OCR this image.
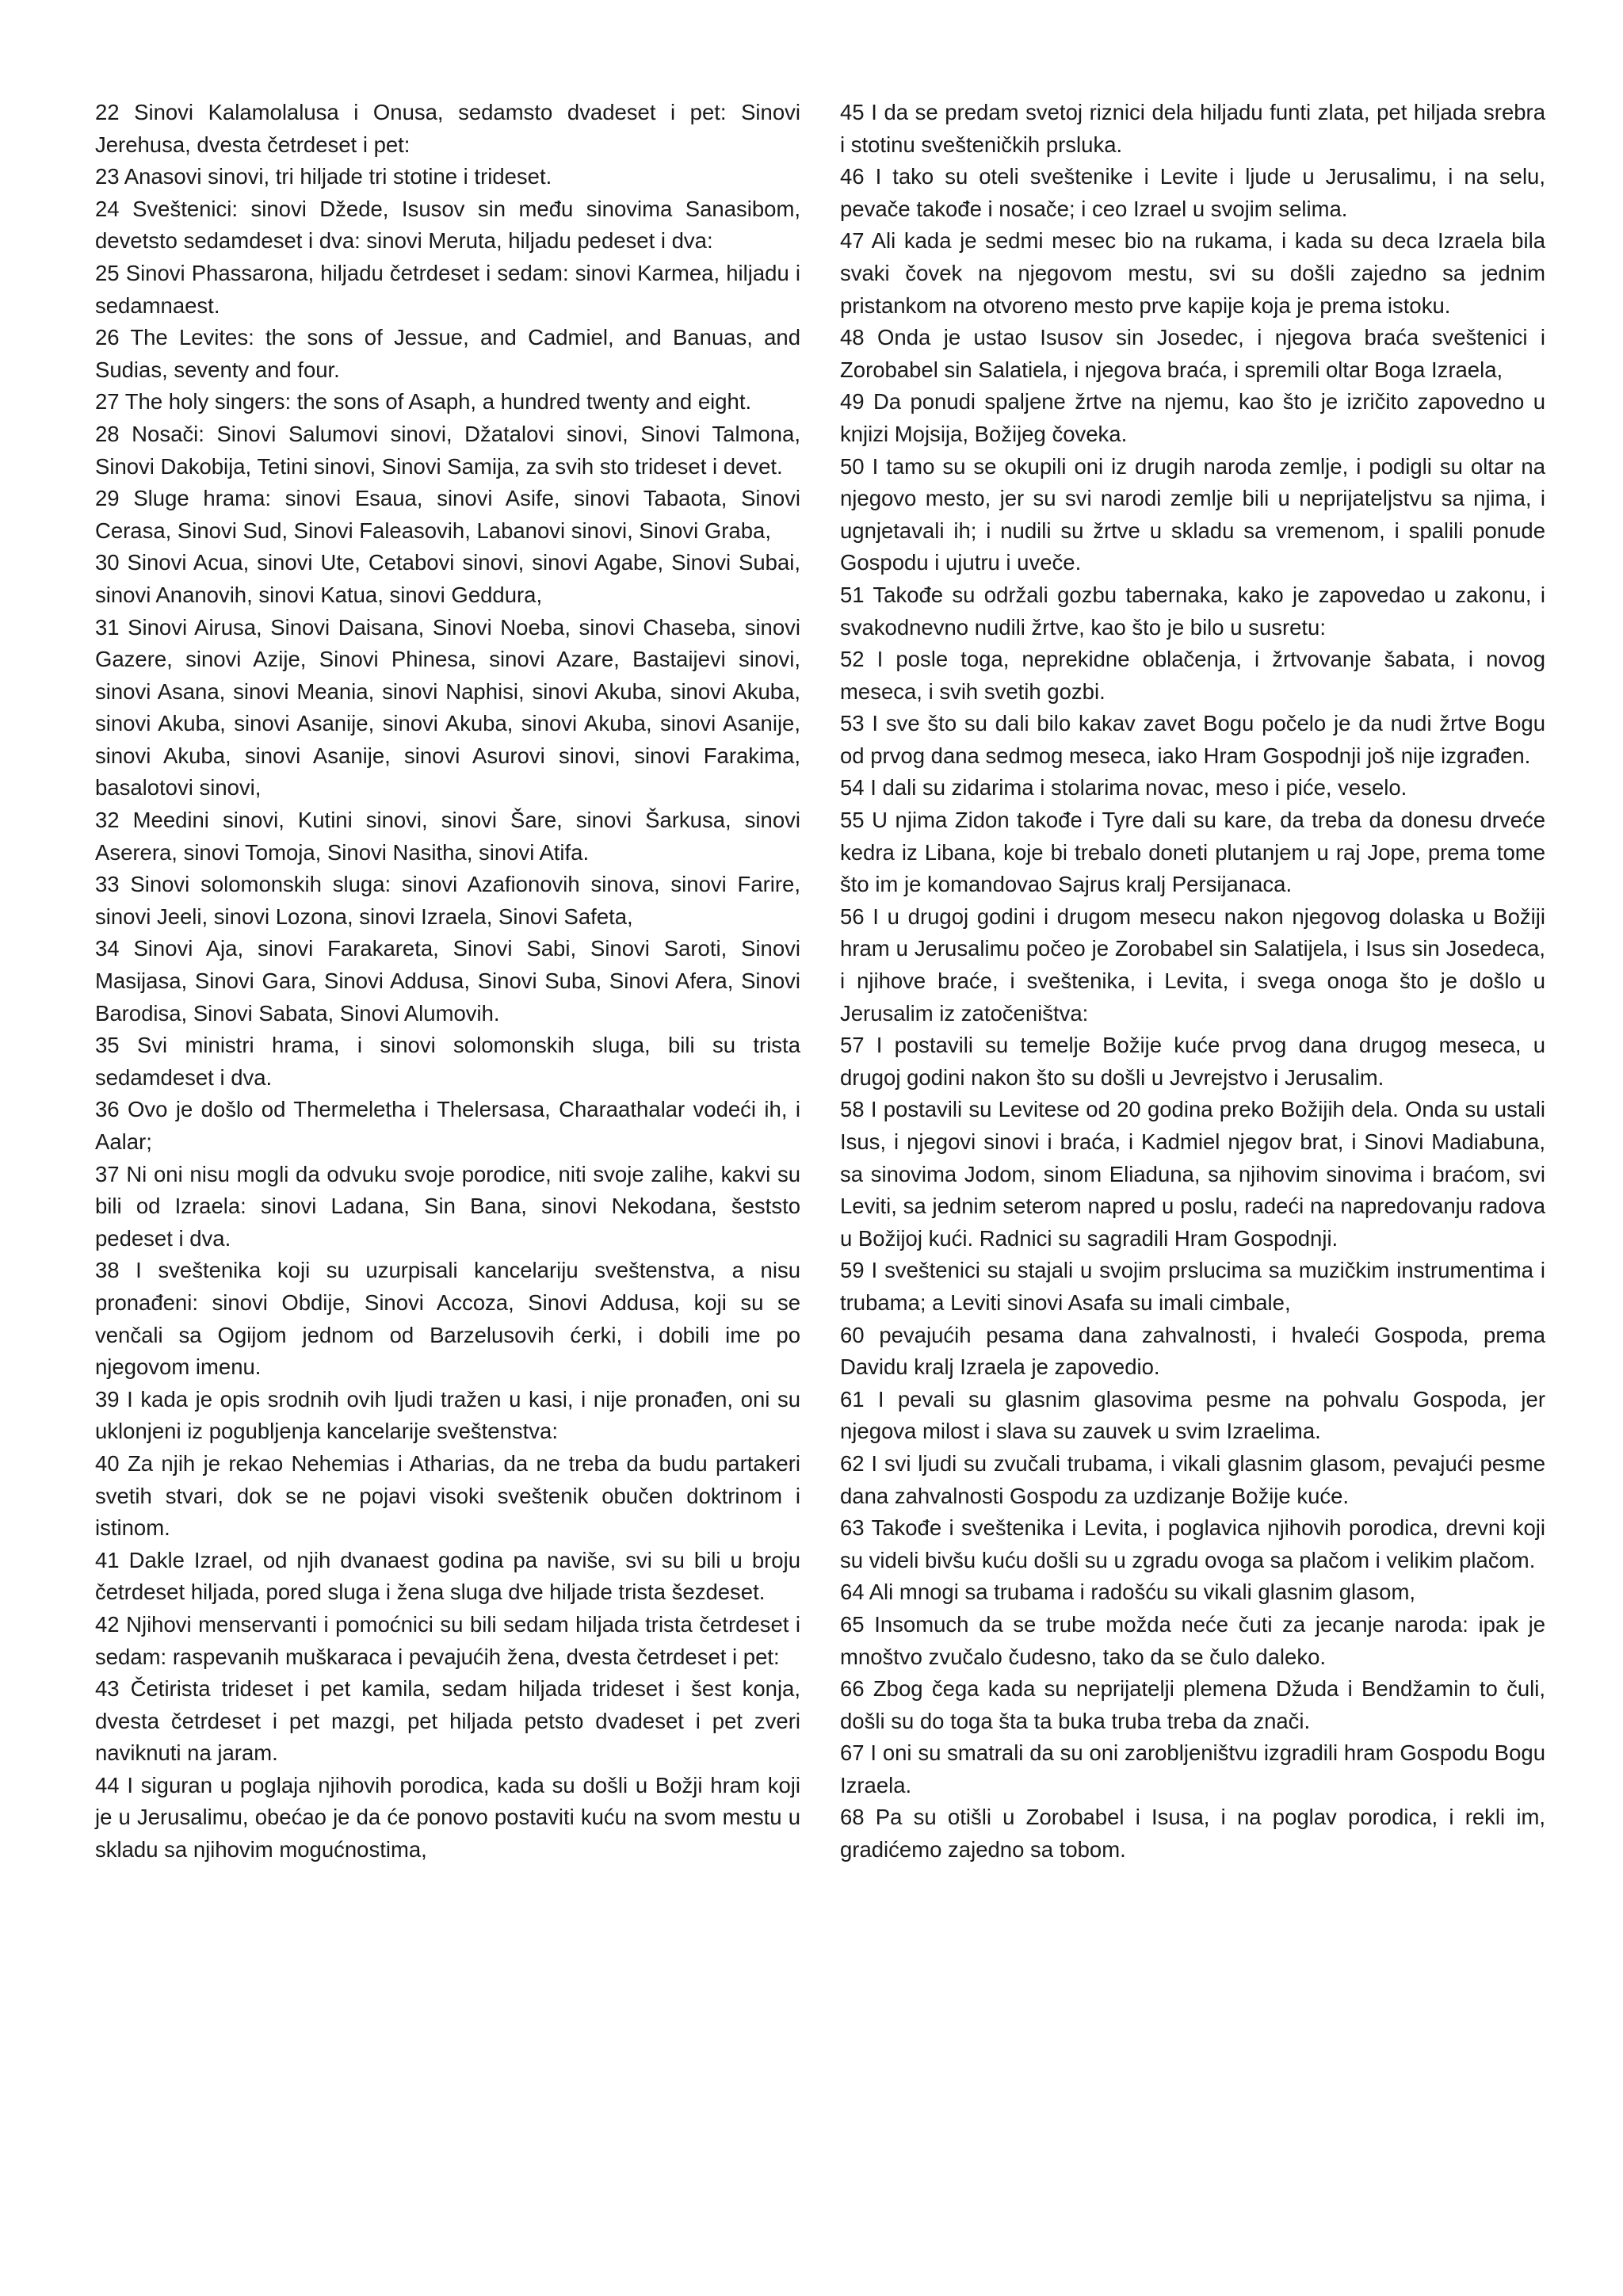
22 Sinovi Kalamolalusa i Onusa, sedamsto dvadeset i pet: Sinovi Jerehusa, dvesta četrdeset i pet:

23 Anasovi sinovi, tri hiljade tri stotine i trideset.

24 Sveštenici: sinovi Džede, Isusov sin među sinovima Sanasibom, devetsto sedamdeset i dva: sinovi Meruta, hiljadu pedeset i dva:

25 Sinovi Phassarona, hiljadu četrdeset i sedam: sinovi Karmea, hiljadu i sedamnaest.

26 The Levites: the sons of Jessue, and Cadmiel, and Banuas, and Sudias, seventy and four.

27 The holy singers: the sons of Asaph, a hundred twenty and eight.

28 Nosači: Sinovi Salumovi sinovi, Džatalovi sinovi, Sinovi Talmona, Sinovi Dakobija, Tetini sinovi, Sinovi Samija, za svih sto trideset i devet.

29 Sluge hrama: sinovi Esaua, sinovi Asife, sinovi Tabaota, Sinovi Cerasa, Sinovi Sud, Sinovi Faleasovih, Labanovi sinovi, Sinovi Graba,

30 Sinovi Acua, sinovi Ute, Cetabovi sinovi, sinovi Agabe, Sinovi Subai, sinovi Ananovih, sinovi Katua, sinovi Geddura,

31 Sinovi Airusa, Sinovi Daisana, Sinovi Noeba, sinovi Chaseba, sinovi Gazere, sinovi Azije, Sinovi Phinesa, sinovi Azare, Bastaijevi sinovi, sinovi Asana, sinovi Meania, sinovi Naphisi, sinovi Akuba, sinovi Akuba, sinovi Akuba, sinovi Asanije, sinovi Akuba, sinovi Akuba, sinovi Asanije, sinovi Akuba, sinovi Asanije, sinovi Asurovi sinovi, sinovi Farakima, basalotovi sinovi,

32 Meedini sinovi, Kutini sinovi, sinovi Šare, sinovi Šarkusa, sinovi Aserera, sinovi Tomoja, Sinovi Nasitha, sinovi Atifa.

33 Sinovi solomonskih sluga: sinovi Azafionovih sinova, sinovi Farire, sinovi Jeeli, sinovi Lozona, sinovi Izraela, Sinovi Safeta,

34 Sinovi Aja, sinovi Farakareta, Sinovi Sabi, Sinovi Saroti, Sinovi Masijasa, Sinovi Gara, Sinovi Addusa, Sinovi Suba, Sinovi Afera, Sinovi Barodisa, Sinovi Sabata, Sinovi Alumovih.

35 Svi ministri hrama, i sinovi solomonskih sluga, bili su trista sedamdeset i dva.

36 Ovo je došlo od Thermeletha i Thelersasa, Charaathalar vodeći ih, i Aalar;

37 Ni oni nisu mogli da odvuku svoje porodice, niti svoje zalihe, kakvi su bili od Izraela: sinovi Ladana, Sin Bana, sinovi Nekodana, šeststo pedeset i dva.

38 I sveštenika koji su uzurpisali kancelariju sveštenstva, a nisu pronađeni: sinovi Obdije, Sinovi Accoza, Sinovi Addusa, koji su se venčali sa Ogijom jednom od Barzelusovih ćerki, i dobili ime po njegovom imenu.

39 I kada je opis srodnih ovih ljudi tražen u kasi, i nije pronađen, oni su uklonjeni iz pogubljenja kancelarije sveštenstva:

40 Za njih je rekao Nehemias i Atharias, da ne treba da budu partakeri svetih stvari, dok se ne pojavi visoki sveštenik obučen doktrinom i istinom.

41 Dakle Izrael, od njih dvanaest godina pa naviše, svi su bili u broju četrdeset hiljada, pored sluga i žena sluga dve hiljade trista šezdeset.

42 Njihovi menservanti i pomoćnici su bili sedam hiljada trista četrdeset i sedam: raspevanih muškaraca i pevajućih žena, dvesta četrdeset i pet:

43 Četirista trideset i pet kamila, sedam hiljada trideset i šest konja, dvesta četrdeset i pet mazgi, pet hiljada petsto dvadeset i pet zveri naviknuti na jaram.

44 I siguran u poglaja njihovih porodica, kada su došli u Božji hram koji je u Jerusalimu, obećao je da će ponovo postaviti kuću na svom mestu u skladu sa njihovim mogućnostima,

45 I da se predam svetoj riznici dela hiljadu funti zlata, pet hiljada srebra i stotinu svešteničkih prsluka.

46 I tako su oteli sveštenike i Levite i ljude u Jerusalimu, i na selu, pevače takođe i nosače; i ceo Izrael u svojim selima.

47 Ali kada je sedmi mesec bio na rukama, i kada su deca Izraela bila svaki čovek na njegovom mestu, svi su došli zajedno sa jednim pristankom na otvoreno mesto prve kapije koja je prema istoku.

48 Onda je ustao Isusov sin Josedec, i njegova braća sveštenici i Zorobabel sin Salatiela, i njegova braća, i spremili oltar Boga Izraela,

49 Da ponudi spaljene žrtve na njemu, kao što je izričito zapovedno u knjizi Mojsija, Božijeg čoveka.

50 I tamo su se okupili oni iz drugih naroda zemlje, i podigli su oltar na njegovo mesto, jer su svi narodi zemlje bili u neprijateljstvu sa njima, i ugnjetavali ih; i nudili su žrtve u skladu sa vremenom, i spalili ponude Gospodu i ujutru i uveče.

51 Takođe su održali gozbu tabernaka, kako je zapovedao u zakonu, i svakodnevno nudili žrtve, kao što je bilo u susretu:

52 I posle toga, neprekidne oblačenja, i žrtvovanje šabata, i novog meseca, i svih svetih gozbi.

53 I sve što su dali bilo kakav zavet Bogu počelo je da nudi žrtve Bogu od prvog dana sedmog meseca, iako Hram Gospodnji još nije izgrađen.

54 I dali su zidarima i stolarima novac, meso i piće, veselo.

55 U njima Zidon takođe i Tyre dali su kare, da treba da donesu drveće kedra iz Libana, koje bi trebalo doneti plutanjem u raj Jope, prema tome što im je komandovao Sajrus kralj Persijanaca.

56 I u drugoj godini i drugom mesecu nakon njegovog dolaska u Božiji hram u Jerusalimu počeo je Zorobabel sin Salatijela, i Isus sin Josedeca, i njihove braće, i sveštenika, i Levita, i svega onoga što je došlo u Jerusalim iz zatočeništva:

57 I postavili su temelje Božije kuće prvog dana drugog meseca, u drugoj godini nakon što su došli u Jevrejstvo i Jerusalim.

58 I postavili su Levitese od 20 godina preko Božijih dela. Onda su ustali Isus, i njegovi sinovi i braća, i Kadmiel njegov brat, i Sinovi Madiabuna, sa sinovima Jodom, sinom Eliaduna, sa njihovim sinovima i braćom, svi Leviti, sa jednim seterom napred u poslu, radeći na napredovanju radova u Božijoj kući. Radnici su sagradili Hram Gospodnji.

59 I sveštenici su stajali u svojim prslucima sa muzičkim instrumentima i trubama; a Leviti sinovi Asafa su imali cimbale,

60 pevajućih pesama dana zahvalnosti, i hvaleći Gospoda, prema Davidu kralj Izraela je zapovedio.

61 I pevali su glasnim glasovima pesme na pohvalu Gospoda, jer njegova milost i slava su zauvek u svim Izraelima.

62 I svi ljudi su zvučali trubama, i vikali glasnim glasom, pevajući pesme dana zahvalnosti Gospodu za uzdizanje Božije kuće.

63 Takođe i sveštenika i Levita, i poglavica njihovih porodica, drevni koji su videli bivšu kuću došli su u zgradu ovoga sa plačom i velikim plačom.

64 Ali mnogi sa trubama i radošću su vikali glasnim glasom,

65 Insomuch da se trube možda neće čuti za jecanje naroda: ipak je mnoštvo zvučalo čudesno, tako da se čulo daleko.

66 Zbog čega kada su neprijatelji plemena Džuda i Bendžamin to čuli, došli su do toga šta ta buka truba treba da znači.

67 I oni su smatrali da su oni zarobljeništvu izgradili hram Gospodu Bogu Izraela.

68 Pa su otišli u Zorobabel i Isusa, i na poglav porodica, i rekli im, gradićemo zajedno sa tobom.
